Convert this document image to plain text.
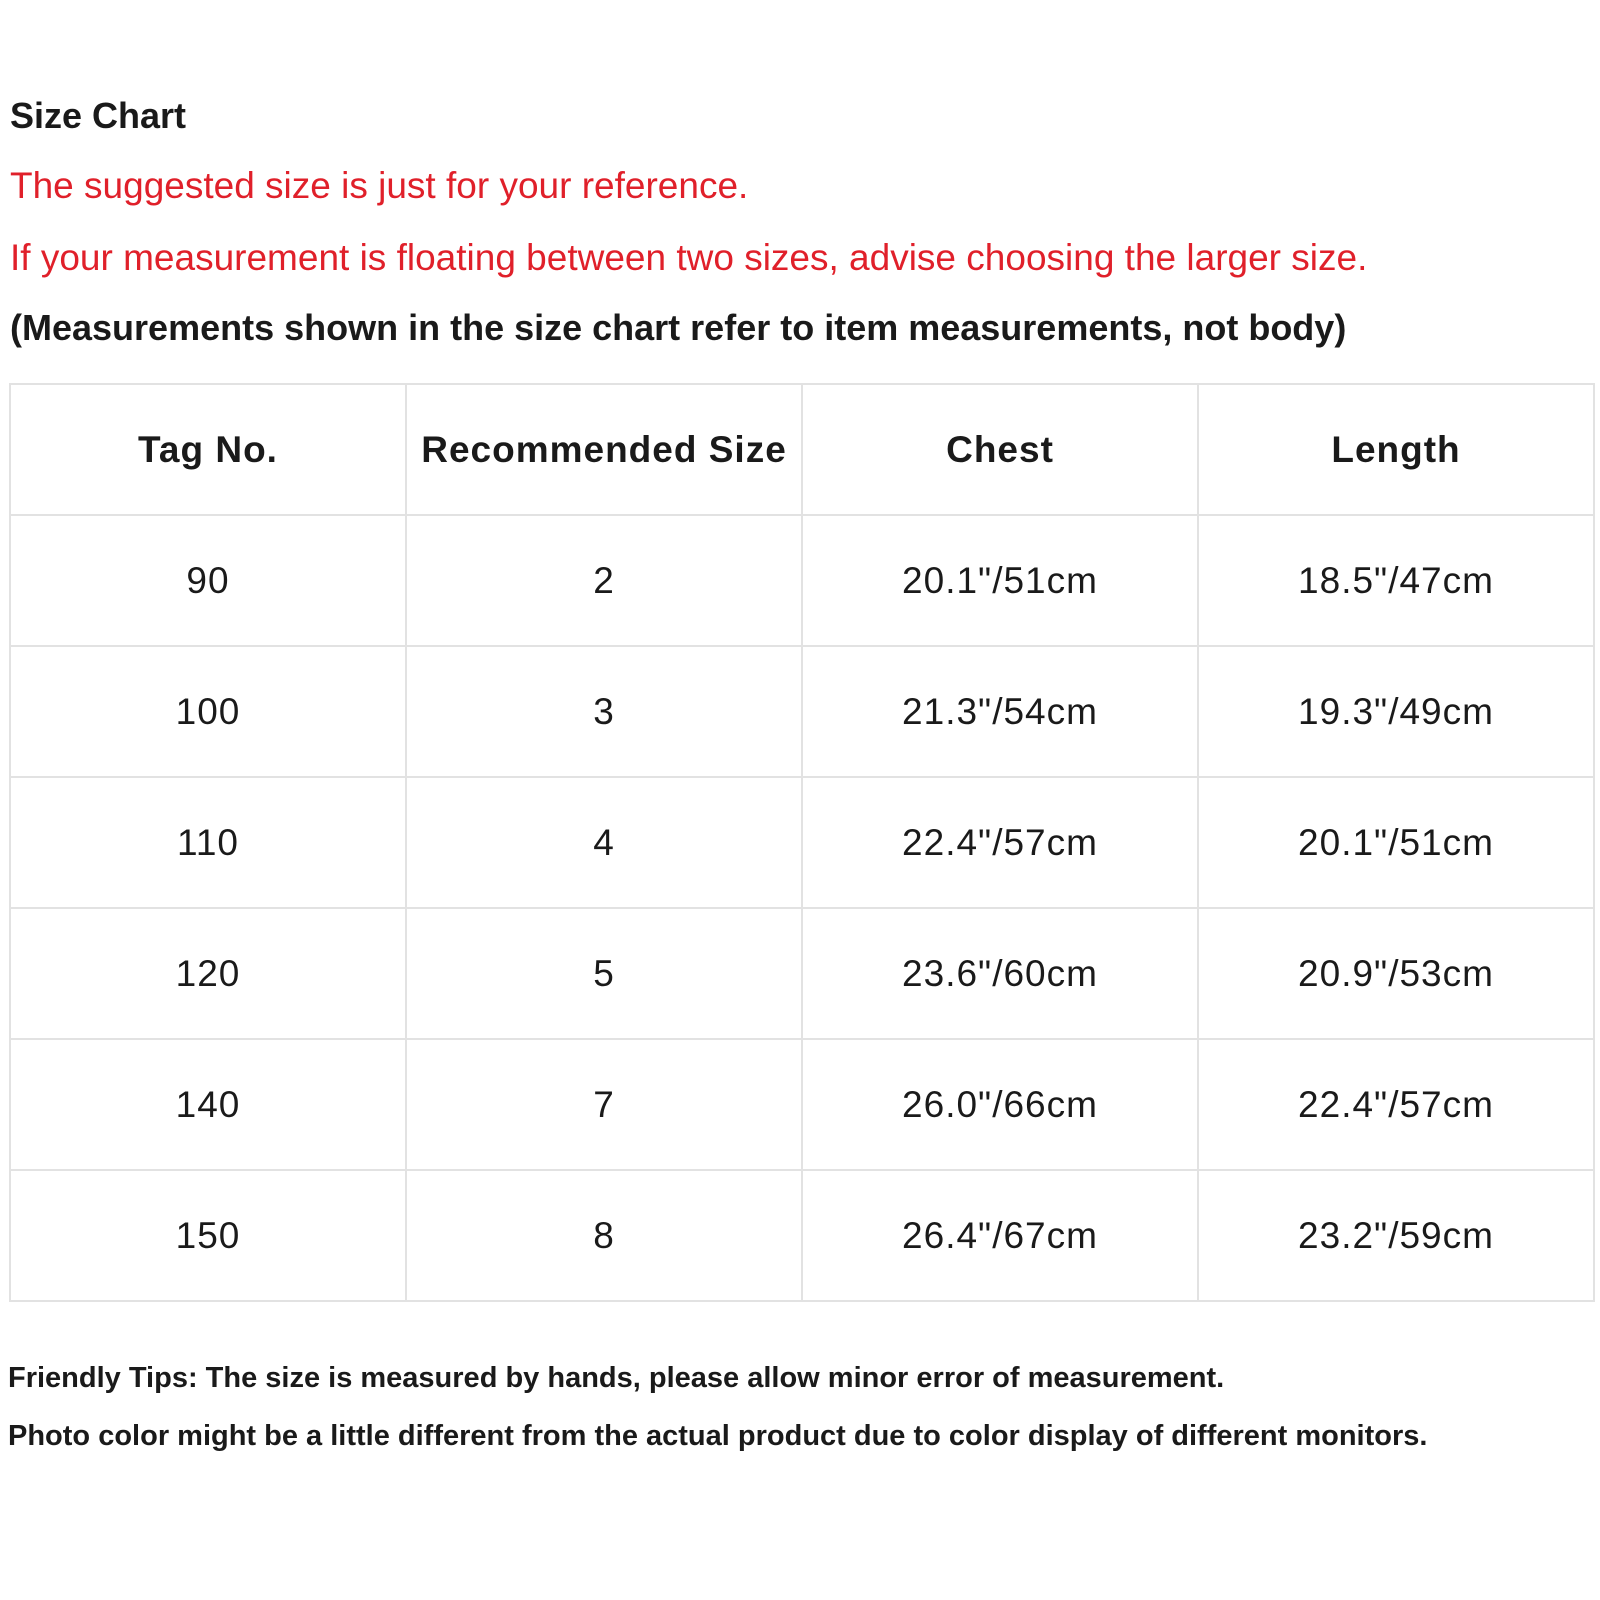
Size Chart

The suggested size is just for your reference.

If your measurement is floating between two sizes, advise choosing the larger size.

(Measurements shown in the size chart refer to item measurements, not body)

Tag No.	Recommended Size	Chest	Length
90	2	20.1"/51cm	18.5"/47cm
100	3	21.3"/54cm	19.3"/49cm
110	4	22.4"/57cm	20.1"/51cm
120	5	23.6"/60cm	20.9"/53cm
140	7	26.0"/66cm	22.4"/57cm
150	8	26.4"/67cm	23.2"/59cm

Friendly Tips: The size is measured by hands, please allow minor error of measurement.

Photo color might be a little different from the actual product due to color display of different monitors.
